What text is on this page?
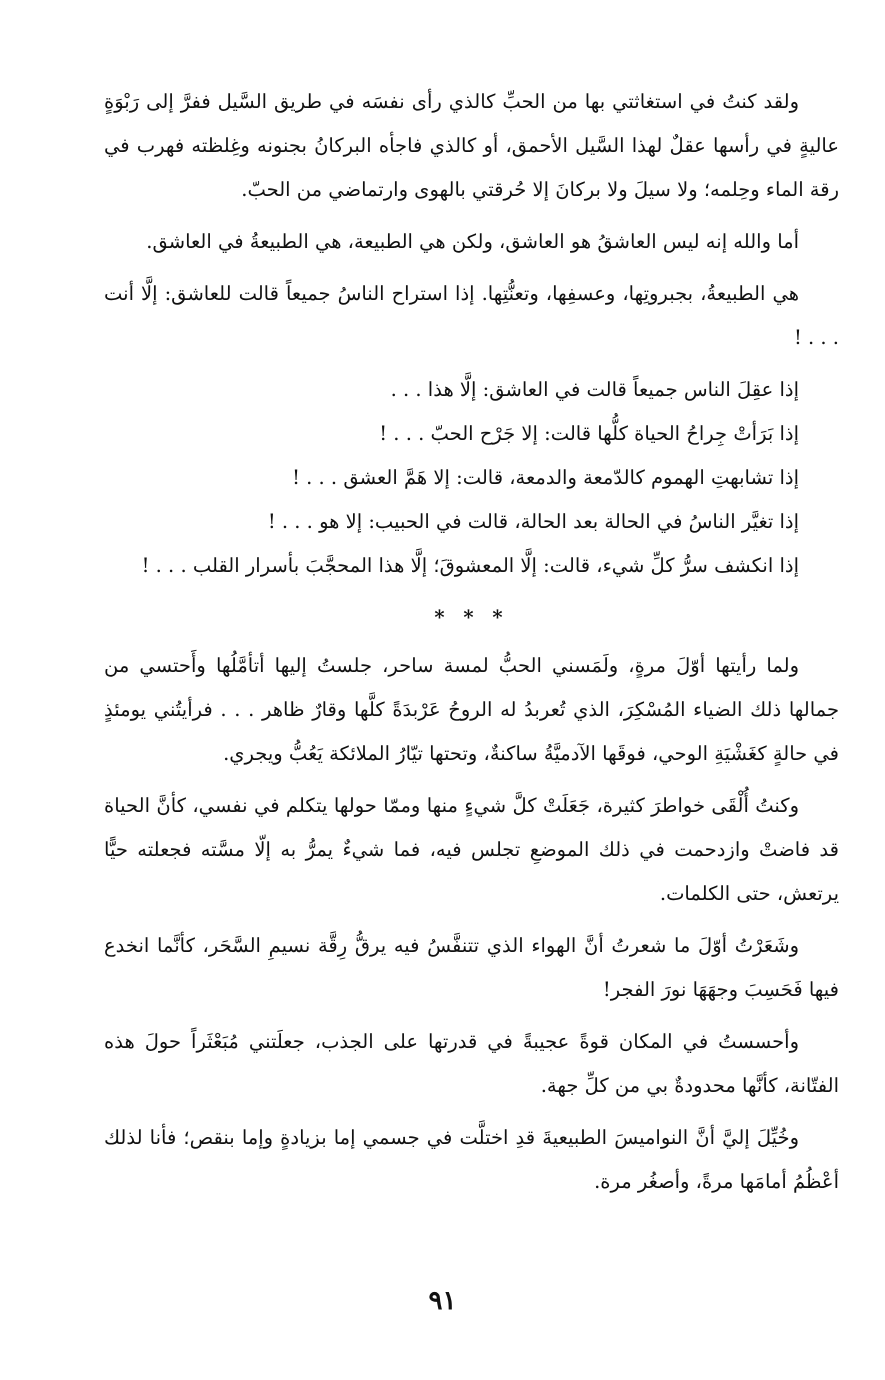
ولقد كنتُ في استغاثتي بها من الحبِّ كالذي رأى نفسَه في طريق السَّيل ففرَّ إلى رَبْوَةٍ عاليةٍ في رأسها عقلٌ لهذا السَّيل الأحمق، أو كالذي فاجأه البركانُ بجنونه وغِلظته فهرب في رقة الماء وحِلمه؛ ولا سيلَ ولا بركانَ إلا حُرقتي بالهوى وارتماضي من الحبّ.

أما والله إنه ليس العاشقُ هو العاشق، ولكن هي الطبيعة، هي الطبيعةُ في العاشق.

هي الطبيعةُ، بجبروتِها، وعسفِها، وتعنُّتِها. إذا استراح الناسُ جميعاً قالت للعاشق: إلَّا أنت . . . !

إذا عقِلَ الناس جميعاً قالت في العاشق: إلَّا هذا . . .

إذا بَرَأتْ جِراحُ الحياة كلُّها قالت: إلا جَرْح الحبّ . . . !

إذا تشابهتِ الهموم كالدّمعة والدمعة، قالت: إلا هَمَّ العشق . . . !

إذا تغيَّر الناسُ في الحالة بعد الحالة، قالت في الحبيب: إلا هو . . . !

إذا انكشف سرُّ كلِّ شيء، قالت: إلَّا المعشوقَ؛ إلَّا هذا المحجَّبَ بأسرار القلب . . . !

* * *

ولما رأيتها أوّلَ مرةٍ، ولَمَسني الحبُّ لمسة ساحر، جلستُ إليها أتأمَّلُها وأَحتسي من جمالها ذلك الضياء المُسْكِرَ، الذي تُعربدُ له الروحُ عَرْبدَةً كلَّها وقارٌ ظاهر . . . فرأيتُني يومئذٍ في حالةٍ كغَشْيَةِ الوحي، فوقَها الآدميَّةُ ساكنةٌ، وتحتها تيّارُ الملائكة يَعُبُّ ويجري.

وكنتُ أُلْقَى خواطرَ كثيرة، جَعَلَتْ كلَّ شيءٍ منها وممّا حولها يتكلم في نفسي، كأنَّ الحياة قد فاضتْ وازدحمت في ذلك الموضعِ تجلس فيه، فما شيءٌ يمرُّ به إلّا مسَّته فجعلته حيًّا يرتعش، حتى الكلمات.

وشَعَرْتُ أوّلَ ما شعرتُ أنَّ الهواء الذي تتنفَّسُ فيه يرقُّ رِقَّة نسيمِ السَّحَر، كأنَّما انخدع فيها فَحَسِبَ وجهَهَا نورَ الفجر!

وأحسستُ في المكان قوةً عجيبةً في قدرتها على الجذب، جعلَتني مُبَعْثَراً حولَ هذه الفتّانة، كأنَّها محدودةٌ بي من كلِّ جهة.

وخُيِّلَ إليَّ أنَّ النواميسَ الطبيعيةَ قدِ اختلَّت في جسمي إما بزيادةٍ وإما بنقص؛ فأنا لذلك أعْظُمُ أمامَها مرةً، وأصغُر مرة.

٩١
